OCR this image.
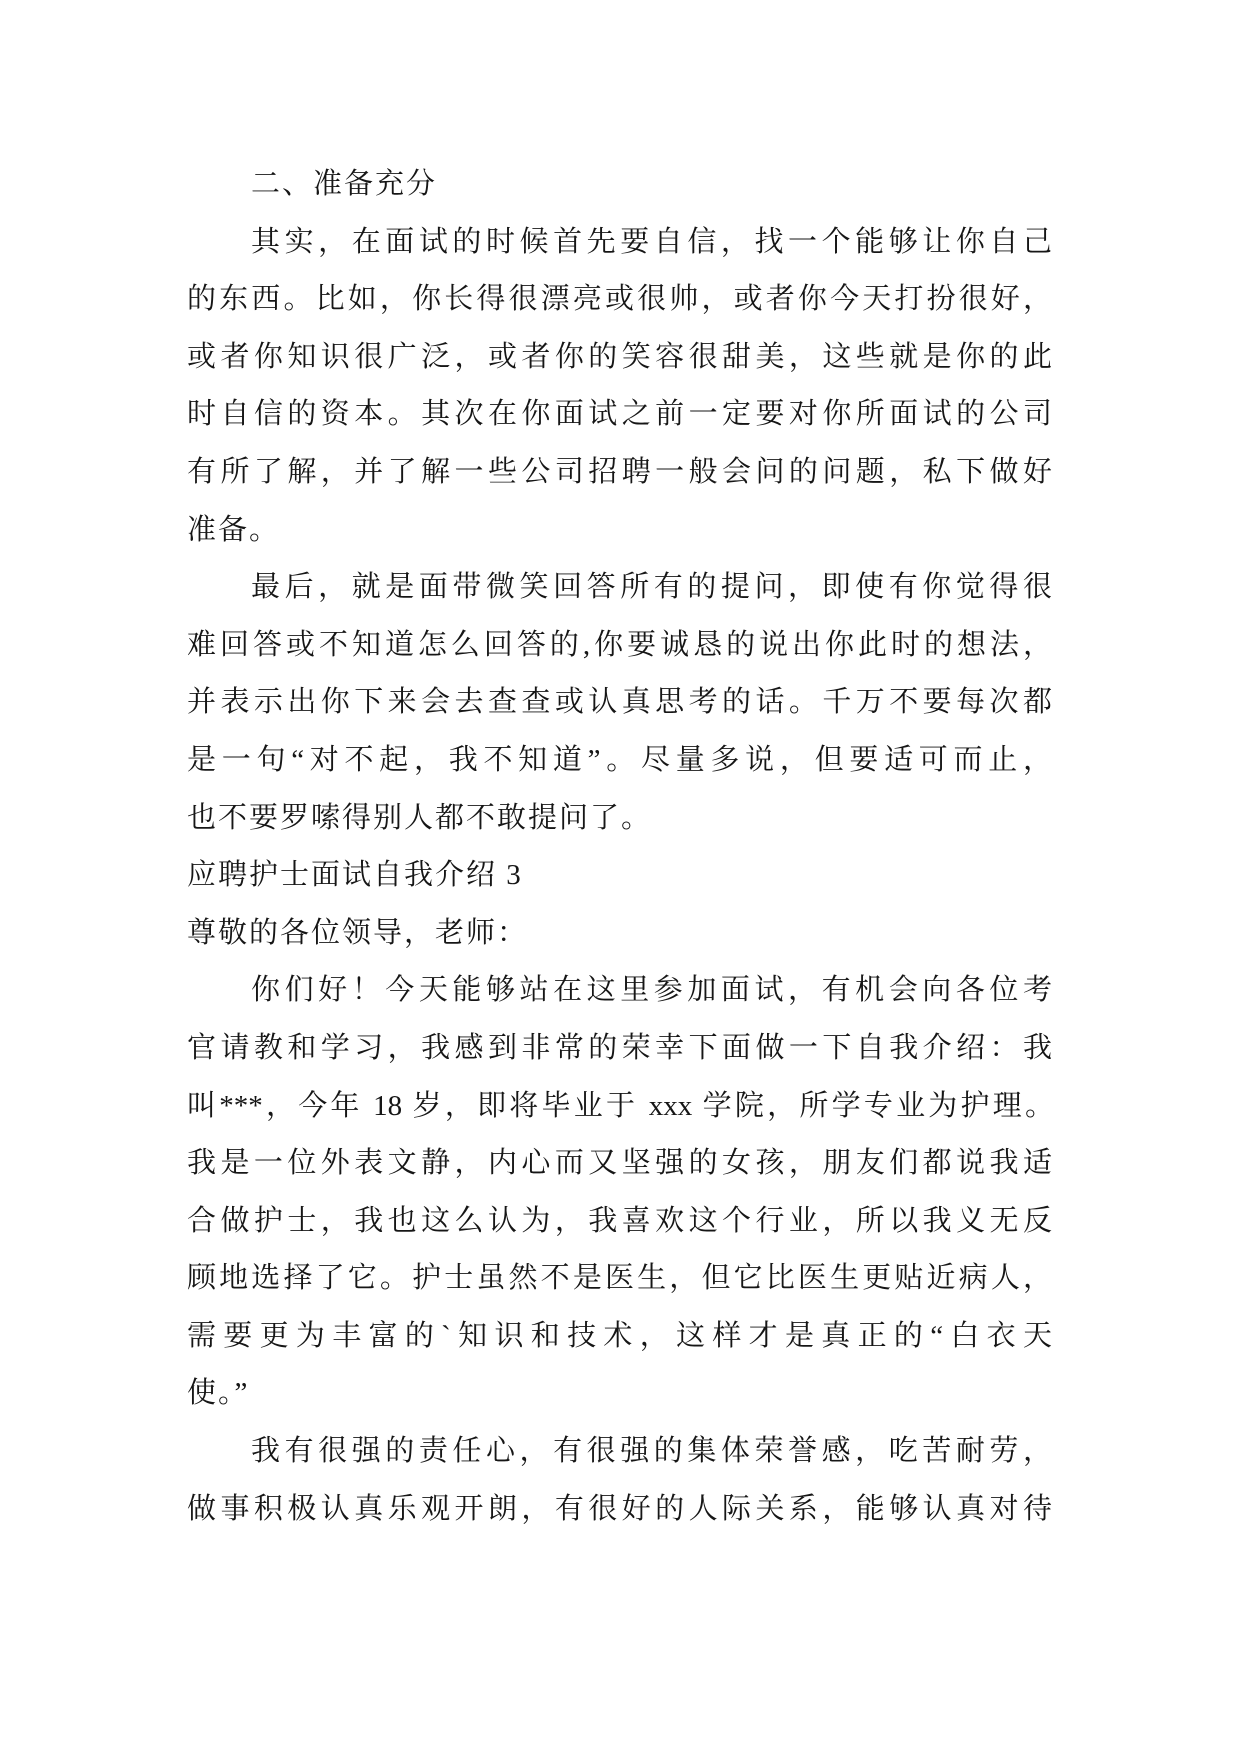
二、准备充分
其实，在面试的时候首先要自信，找一个能够让你自己
的东西。比如，你长得很漂亮或很帅，或者你今天打扮很好，
或者你知识很广泛，或者你的笑容很甜美，这些就是你的此
时自信的资本。其次在你面试之前一定要对你所面试的公司
有所了解，并了解一些公司招聘一般会问的问题，私下做好
准备。
最后，就是面带微笑回答所有的提问，即使有你觉得很
难回答或不知道怎么回答的,你要诚恳的说出你此时的想法，
并表示出你下来会去查查或认真思考的话。千万不要每次都
是一句“对不起，我不知道”。尽量多说，但要适可而止，
也不要罗嗦得别人都不敢提问了。
应聘护士面试自我介绍 3
尊敬的各位领导，老师：
你们好！今天能够站在这里参加面试，有机会向各位考
官请教和学习，我感到非常的荣幸下面做一下自我介绍：我
叫***，今年 18 岁，即将毕业于 xxx 学院，所学专业为护理。
我是一位外表文静，内心而又坚强的女孩，朋友们都说我适
合做护士，我也这么认为，我喜欢这个行业，所以我义无反
顾地选择了它。护士虽然不是医生，但它比医生更贴近病人，
需要更为丰富的`知识和技术，这样才是真正的“白衣天
使。”
我有很强的责任心，有很强的集体荣誉感，吃苦耐劳，
做事积极认真乐观开朗，有很好的人际关系，能够认真对待
